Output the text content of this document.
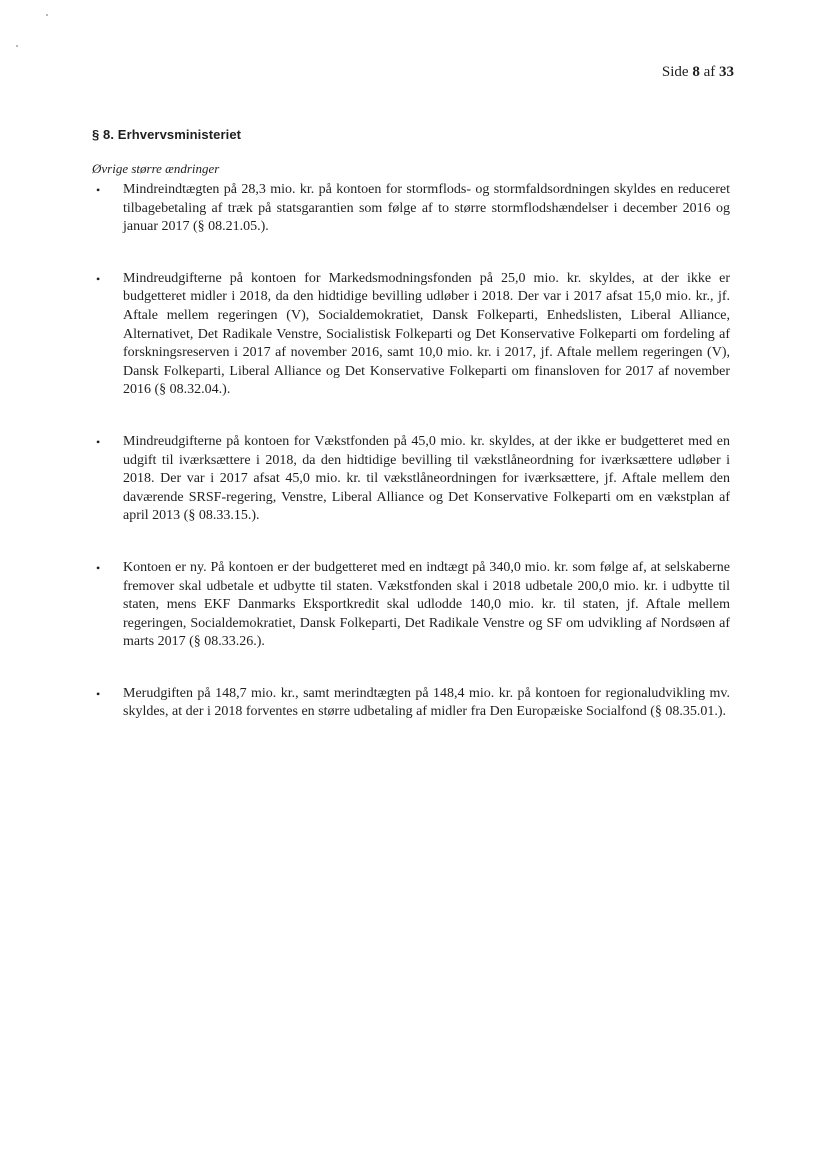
Side 8 af 33
§ 8. Erhvervsministeriet
Øvrige større ændringer
• Mindreindtægten på 28,3 mio. kr. på kontoen for stormflods- og stormfaldsordningen skyldes en reduceret tilbagebetaling af træk på statsgarantien som følge af to større stormflodshændelser i december 2016 og januar 2017 (§ 08.21.05.).
• Mindreudgifterne på kontoen for Markedsmodningsfonden på 25,0 mio. kr. skyldes, at der ikke er budgetteret midler i 2018, da den hidtidige bevilling udløber i 2018. Der var i 2017 afsat 15,0 mio. kr., jf. Aftale mellem regeringen (V), Socialdemokratiet, Dansk Folkeparti, Enhedslisten, Liberal Alliance, Alternativet, Det Radikale Venstre, Socialistisk Folkeparti og Det Konservative Folkeparti om fordeling af forskningsreserven i 2017 af november 2016, samt 10,0 mio. kr. i 2017, jf. Aftale mellem regeringen (V), Dansk Folkeparti, Liberal Alliance og Det Konservative Folkeparti om finansloven for 2017 af november 2016 (§ 08.32.04.).
• Mindreudgifterne på kontoen for Vækstfonden på 45,0 mio. kr. skyldes, at der ikke er budgetteret med en udgift til iværksættere i 2018, da den hidtidige bevilling til vækstlåneordning for iværksættere udløber i 2018. Der var i 2017 afsat 45,0 mio. kr. til vækstlåneordningen for iværksættere, jf. Aftale mellem den daværende SRSF-regering, Venstre, Liberal Alliance og Det Konservative Folkeparti om en vækstplan af april 2013 (§ 08.33.15.).
• Kontoen er ny. På kontoen er der budgetteret med en indtægt på 340,0 mio. kr. som følge af, at selskaberne fremover skal udbetale et udbytte til staten. Vækstfonden skal i 2018 udbetale 200,0 mio. kr. i udbytte til staten, mens EKF Danmarks Eksportkredit skal udlodde 140,0 mio. kr. til staten, jf. Aftale mellem regeringen, Socialdemokratiet, Dansk Folkeparti, Det Radikale Venstre og SF om udvikling af Nordsøen af marts 2017 (§ 08.33.26.).
• Merudgiften på 148,7 mio. kr., samt merindtægten på 148,4 mio. kr. på kontoen for regionaludvikling mv. skyldes, at der i 2018 forventes en større udbetaling af midler fra Den Europæiske Socialfond (§ 08.35.01.).
